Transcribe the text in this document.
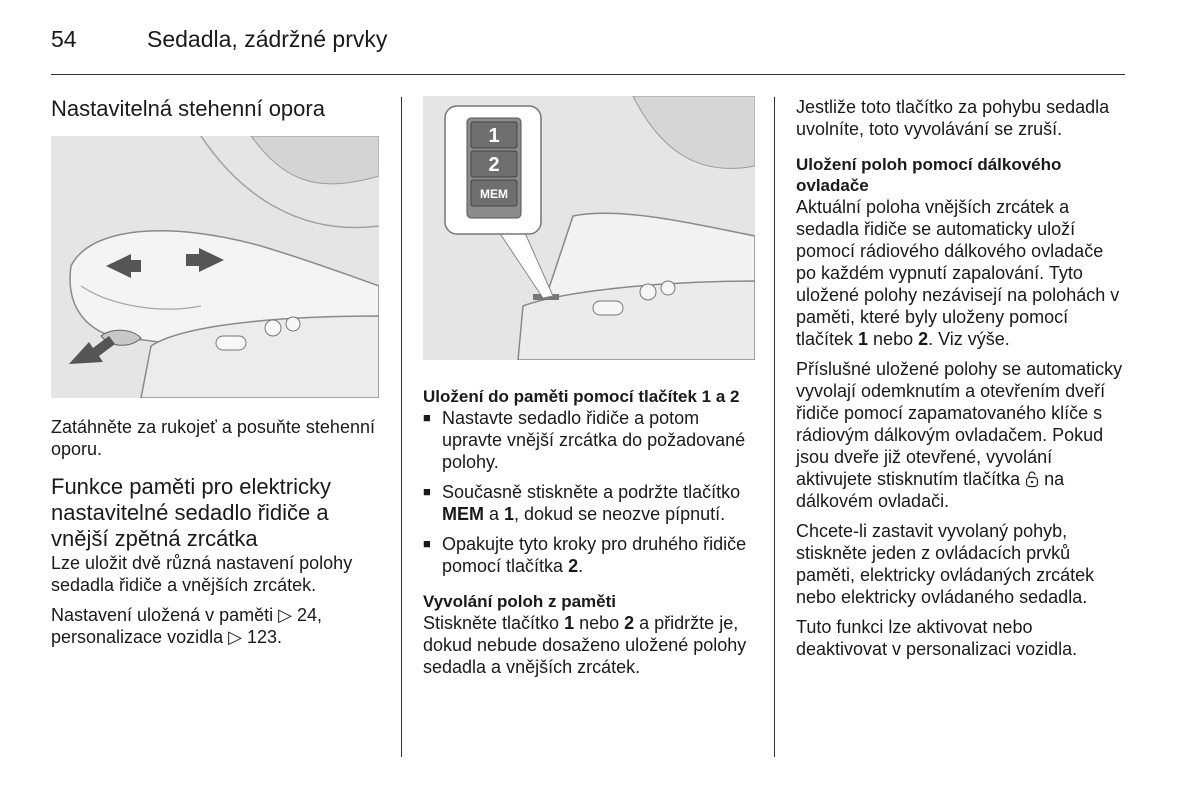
54	Sedadla, zádržné prvky
Nastavitelná stehenní opora

Zatáhněte za rukojeť a posuňte stehenní oporu.

Funkce paměti pro elektricky nastavitelné sedadlo řidiče a vnější zpětná zrcátka

Lze uložit dvě různá nastavení polohy sedadla řidiče a vnějších zrcátek.

Nastavení uložená v paměti ▷ 24,
personalizace vozidla ▷ 123.

1
2
MEM
Uložení do paměti pomocí tlačítek 1 a 2
■ Nastavte sedadlo řidiče a potom upravte vnější zrcátka do požadované polohy.
■ Současně stiskněte a podržte tlačítko MEM a 1, dokud se neozve pípnutí.
■ Opakujte tyto kroky pro druhého řidiče pomocí tlačítka 2.
Vyvolání poloh z paměti

Stiskněte tlačítko 1 nebo 2 a přidržte je, dokud nebude dosaženo uložené polohy sedadla a vnějších zrcátek.

Jestliže toto tlačítko za pohybu sedadla uvolníte, toto vyvolávání se zruší.

Uložení poloh pomocí dálkového ovladače

Aktuální poloha vnějších zrcátek a sedadla řidiče se automaticky uloží pomocí rádiového dálkového ovladače po každém vypnutí zapalování. Tyto uložené polohy nezávisejí na polohách v paměti, které byly uloženy pomocí tlačítek 1 nebo 2. Viz výše.

Příslušné uložené polohy se automaticky vyvolají odemknutím a otevřením dveří řidiče pomocí zapamatovaného klíče s rádiovým dálkovým ovladačem. Pokud jsou dveře již otevřené, vyvolání aktivujete stisknutím tlačítka na dálkovém ovladači.

Chcete-li zastavit vyvolaný pohyb, stiskněte jeden z ovládacích prvků paměti, elektricky ovládaných zrcátek nebo elektricky ovládaného sedadla.

Tuto funkci lze aktivovat nebo deaktivovat v personalizaci vozidla.
